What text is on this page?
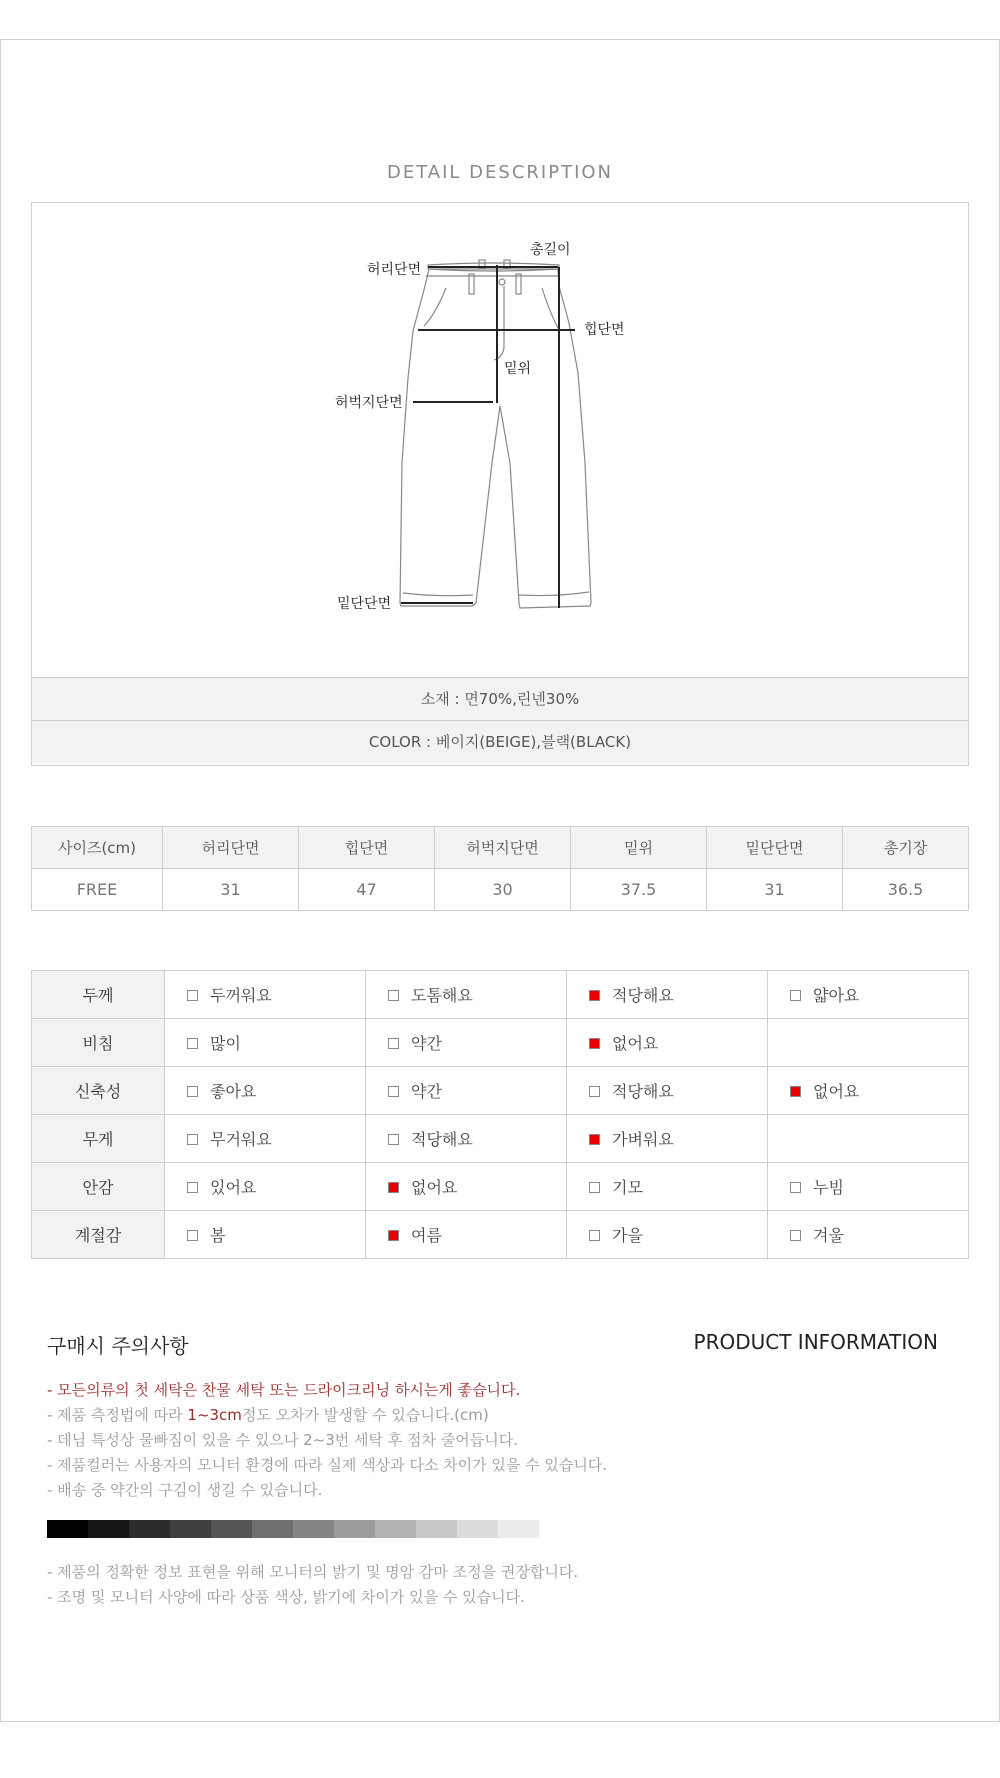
DETAIL DESCRIPTION
총길이
허리단면
힙단면
밑위
허벅지단면
밑단단면
소재 : 면70%,린넨30%
COLOR : 베이지(BEIGE),블랙(BLACK)
사이즈(cm)	허리단면	힙단면	허벅지단면	밑위	밑단단면	총기장
FREE	31	47	30	37.5	31	36.5
두께	두꺼워요	도톰해요	적당해요	얇아요
비침	많이	약간	없어요	
신축성	좋아요	약간	적당해요	없어요
무게	무거워요	적당해요	가벼워요	
안감	있어요	없어요	기모	누빔
계절감	봄	여름	가을	겨울
구매시 주의사항	PRODUCT INFORMATION
- 모든의류의 첫 세탁은 찬물 세탁 또는 드라이크리닝 하시는게 좋습니다.
- 제품 측정법에 따라 1~3cm정도 오차가 발생할 수 있습니다.(cm)
- 데님 특성상 물빠짐이 있을 수 있으나 2~3번 세탁 후 점차 줄어듭니다.
- 제품컬러는 사용자의 모니터 환경에 따라 실제 색상과 다소 차이가 있을 수 있습니다.
- 배송 중 약간의 구김이 생길 수 있습니다.
- 제품의 정확한 정보 표현을 위해 모니터의 밝기 및 명암 감마 조정을 권장합니다.
- 조명 및 모니터 사양에 따라 상품 색상, 밝기에 차이가 있을 수 있습니다.
